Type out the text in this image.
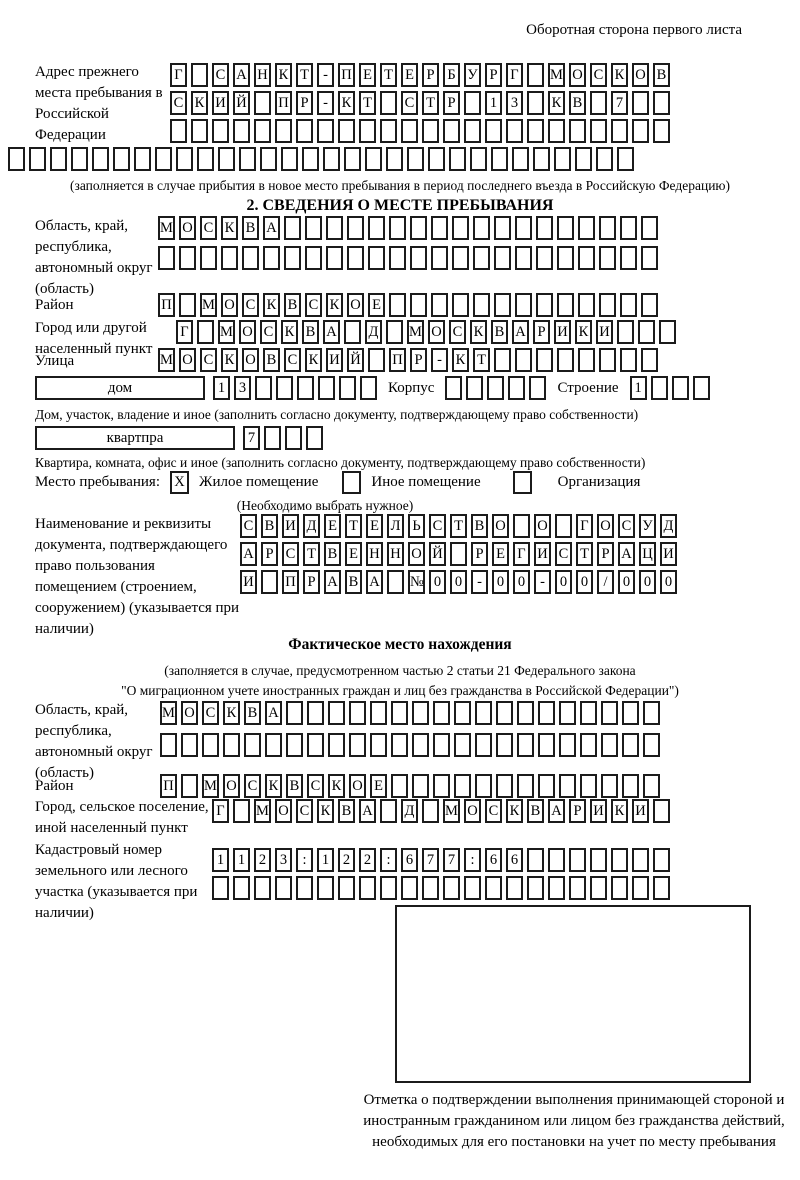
Оборотная сторона первого листа
Адрес прежнего места пребывания в Российской Федерации
Г С А Н К Т - П Е Т Е Р Б У Р Г М О С К О В
С К И Й П Р	- К Т С Т Р	1 3	К В	7
(заполняется в случае прибытия в новое место пребывания в период последнего въезда в Российскую Федерацию)
2. СВЕДЕНИЯ О МЕСТЕ ПРЕБЫВАНИЯ
Область, край, республика, автономный округ (область)
М О С К В А
Район	П М О С К В С К О Е
Город или другой населенный пункт
Г М О С К В А Д М О С К В А Р И К И
Улица	М О С К О В С К И Й П Р	- К Т
дом	1 3	Корпус	Строение	1
Дом, участок, владение и иное (заполнить согласно документу, подтверждающему право собственности)
квартпра	7
Квартира, комната, офис и иное (заполнить согласно документу, подтверждающему право собственности)
Место пребывания: X Жилое помещение	Иное помещение	Организация
(Необходимо выбрать нужное)
Наименование и реквизиты документа, подтверждающего право пользования помещением (строением, сооружением) (указывается при наличии)
С В И Д Е Т Е Л Ь С Т В О О Г О С У Д
А Р С Т В Е Н Н О Й	Р Е Г И С Т Р А Ц И
И П Р А В А № 0 0	-	0 0	-	0 0	/	0 0 0
Фактическое место нахождения
(заполняется в случае, предусмотренном частью 2 статьи 21 Федерального закона
"О миграционном учете иностранных граждан и лиц без гражданства в Российской Федерации")
Область, край, республика, автономный округ (область)
М О С К В А
Район	П М О С К В С К О Е
Город, сельское поселение, иной населенный пункт
Г М О С К В А Д М О С К В А Р И К И
Кадастровый номер земельного или лесного участка (указывается при наличии)
1 1 2 3	:	1 2 2	:	6 7 7	:	6 6
Отметка о подтверждении выполнения принимающей стороной и иностранным гражданином или лицом без гражданства действий, необходимых для его постановки на учет по месту пребывания
